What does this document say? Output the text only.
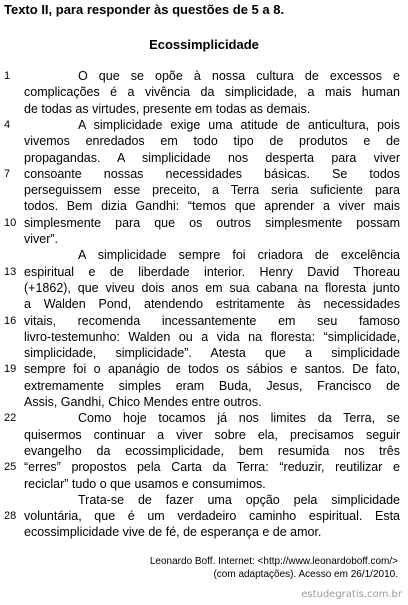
Texto II, para responder às questões de 5 a 8.
Ecossimplicidade
1	O que se opõe à nossa cultura de excessos e
complicações é a vivência da simplicidade, a mais human
de todas as virtudes, presente em todas as demais.
4	A simplicidade exige uma atitude de anticultura, pois
vivemos enredados em todo tipo de produtos e de
propagandas. A simplicidade nos desperta para viver
7	consoante nossas necessidades básicas. Se todos
perseguissem esse preceito, a Terra seria suficiente para
todos. Bem dizia Gandhi: “temos que aprender a viver mais
10 simplesmente para que os outros simplesmente possam
viver”.
A simplicidade sempre foi criadora de excelência
13 espiritual e de liberdade interior. Henry David Thoreau
(+1862), que viveu dois anos em sua cabana na floresta junto
a Walden Pond, atendendo estritamente às necessidades
16 vitais, recomenda incessantemente em seu famoso
livro-testemunho: Walden ou a vida na floresta: “simplicidade,
simplicidade, simplicidade”. Atesta que a simplicidade
19 sempre foi o apanágio de todos os sábios e santos. De fato,
extremamente simples eram Buda, Jesus, Francisco de
Assis, Gandhi, Chico Mendes entre outros.
22	Como hoje tocamos já nos limites da Terra, se
quisermos continuar a viver sobre ela, precisamos seguir
evangelho da ecossimplicidade, bem resumida nos três
25 “erres” propostos pela Carta da Terra: “reduzir, reutilizar e
reciclar” tudo o que usamos e consumimos.
Trata-se de fazer uma opção pela simplicidade
28 voluntária, que é um verdadeiro caminho espiritual. Esta
ecossimplicidade vive de fé, de esperança e de amor.
Leonardo Boff. Internet: <http://www.leonardoboff.com/>
(com adaptações). Acesso em 26/1/2010.
estudegratis.com.br
